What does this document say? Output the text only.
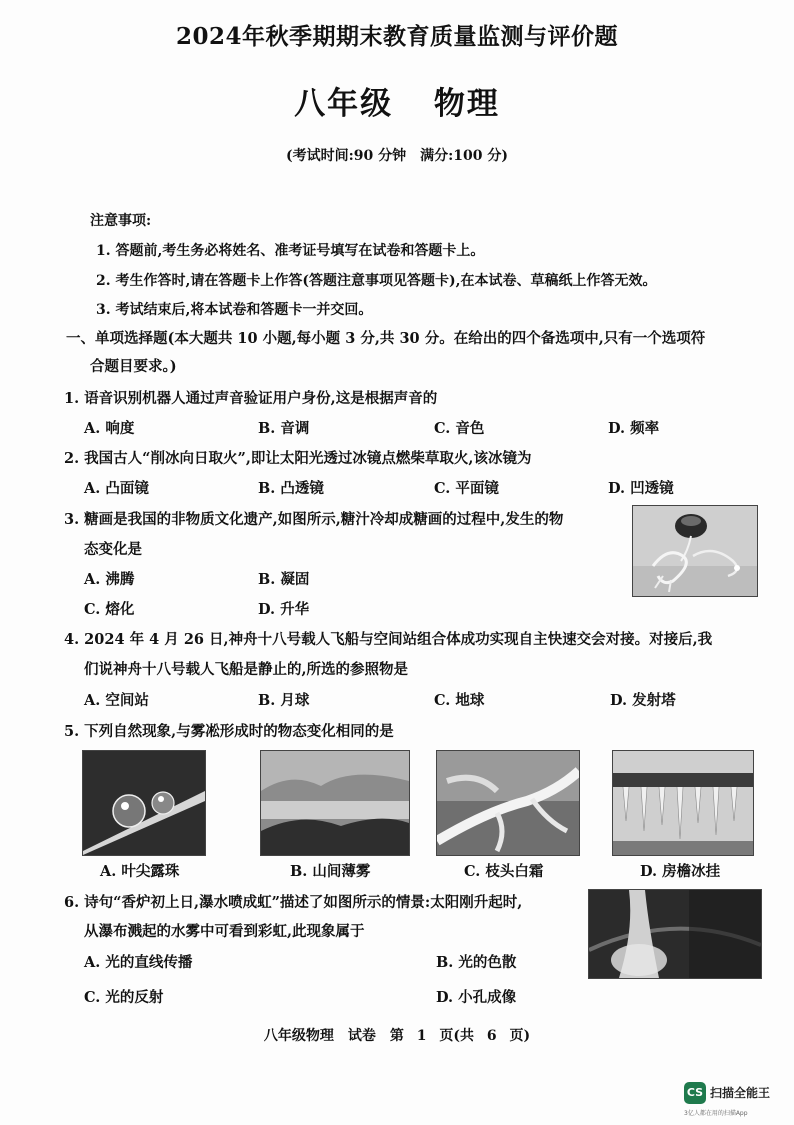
2024年秋季期期末教育质量监测与评价题
八年级 物理
(考试时间:90 分钟　满分:100 分)
注意事项:
1. 答题前,考生务必将姓名、准考证号填写在试卷和答题卡上。
2. 考生作答时,请在答题卡上作答(答题注意事项见答题卡),在本试卷、草稿纸上作答无效。
3. 考试结束后,将本试卷和答题卡一并交回。
一、单项选择题(本大题共 10 小题,每小题 3 分,共 30 分。在给出的四个备选项中,只有一个选项符
合题目要求。)
1. 语音识别机器人通过声音验证用户身份,这是根据声音的
A. 响度	B. 音调	C. 音色	D. 频率
2. 我国古人“削冰向日取火”,即让太阳光透过冰镜点燃柴草取火,该冰镜为
A. 凸面镜	B. 凸透镜	C. 平面镜	D. 凹透镜
3. 糖画是我国的非物质文化遗产,如图所示,糖汁冷却成糖画的过程中,发生的物
态变化是
A. 沸腾	B. 凝固
C. 熔化	D. 升华
4. 2024 年 4 月 26 日,神舟十八号载人飞船与空间站组合体成功实现自主快速交会对接。对接后,我
们说神舟十八号载人飞船是静止的,所选的参照物是
A. 空间站	B. 月球	C. 地球	D. 发射塔
5. 下列自然现象,与雾凇形成时的物态变化相同的是
A. 叶尖露珠	B. 山间薄雾	C. 枝头白霜	D. 房檐冰挂
6. 诗句“香炉初上日,瀑水喷成虹”描述了如图所示的情景:太阳刚升起时,
从瀑布溅起的水雾中可看到彩虹,此现象属于
A. 光的直线传播	B. 光的色散
C. 光的反射	D. 小孔成像
八年级物理　试卷　第 1 页(共 6 页)
CS 扫描全能王
3亿人都在用的扫描App
